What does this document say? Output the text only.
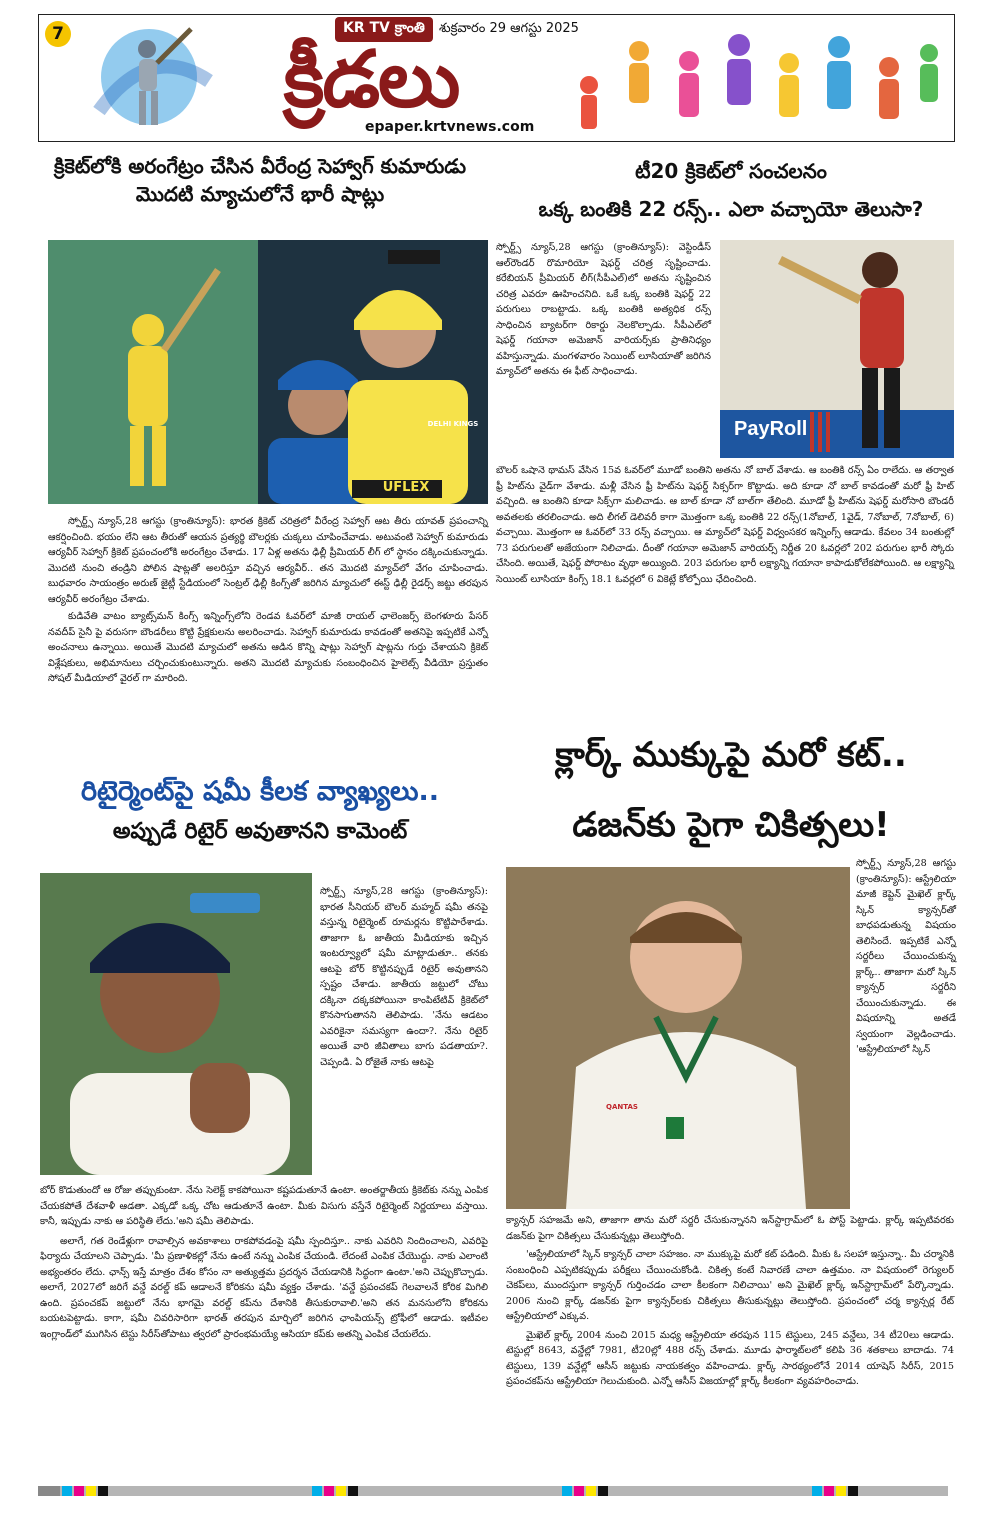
7	KR TV క్రాంతి	శుక్రవారం 29 ఆగస్టు 2025
క్రీడలు
epaper.krtvnews.com
క్రికెట్‌లోకి అరంగేట్రం చేసిన వీరేంద్ర సెహ్వాగ్ కుమారుడు
మొదటి మ్యాచులోనే భారీ షాట్లు
టీ20 క్రికెట్‌లో సంచలనం
ఒక్క బంతికి 22 రన్స్.. ఎలా వచ్చాయో తెలుసా?
UFLEX
DELHI KINGS

స్పోర్ట్స్ న్యూస్,28 ఆగస్టు (క్రాంతిన్యూస్): భారత క్రికెట్ చరిత్రలో వీరేంద్ర సెహ్వాగ్ ఆట తీరు యావత్ ప్రపంచాన్ని ఆకర్షించింది. భయం లేని ఆట తీరుతో ఆయన ప్రత్యర్థి బౌలర్లకు చుక్కలు చూపించేవాడు. అటువంటి సెహ్వాగ్ కుమారుడు ఆర్యవీర్ సెహ్వాగ్ క్రికెట్ ప్రపంచంలోకి అరంగేట్రం చేశాడు. 17 ఏళ్ల అతను ఢిల్లీ ప్రీమియర్ లీగ్ లో స్థానం దక్కించుకున్నాడు. మొదటి నుంచి తండ్రిని పోలిన షాట్లతో అలరిస్తూ వచ్చిన ఆర్యవీర్.. తన మొదటి మ్యాచ్‌లో వేగం చూపించాడు. బుధవారం సాయంత్రం అరుణ్ జైట్లీ స్టేడియంలో సెంట్రల్ ఢిల్లీ కింగ్స్‌తో జరిగిన మ్యాచులో ఈస్ట్ ఢిల్లీ రైడర్స్ జట్టు తరపున ఆర్యవీర్ అరంగేట్రం చేశాడు.

కుడివేతి వాటం బ్యాట్స్‌మన్ కింగ్స్ ఇన్నింగ్స్‌లోని రెండవ ఓవర్‌లో మాజీ రాయల్ ఛాలెంజర్స్ బెంగళూరు పేసర్ నవదీప్ సైనీ పై వరుసగా బౌండరీలు కొట్టి ప్రేక్షకులను అలరించాడు. సెహ్వాగ్ కుమారుడు కావడంతో అతనిపై ఇప్పటికే ఎన్నో అంచనాలు ఉన్నాయి. అయితే మొదటి మ్యాచులో అతను ఆడిన కొన్ని షాట్లు సెహ్వాగ్ షాట్లను గుర్తు చేశాయని క్రికెట్ విశ్లేషకులు, అభిమానులు చర్చించుకుంటున్నారు. అతని మొదటి మ్యాచుకు సంబంధించిన హైలెట్స్ వీడియో ప్రస్తుతం సోషల్ మీడియాలో వైరల్ గా మారింది.

స్పోర్ట్స్ న్యూస్,28 ఆగస్టు (క్రాంతిన్యూస్): వెస్టిండీస్ ఆల్‌రౌండర్ రొమారియో షెఫర్డ్ చరిత్ర సృష్టించాడు. కరేబియన్ ప్రీమియర్ లీగ్(సీపీఎల్)లో అతను సృష్టించిన చరిత్ర ఎవరూ ఊహించనిది. ఒకే ఒక్క బంతికి షెఫర్డ్ 22 పరుగులు రాబట్టాడు. ఒక్క బంతికి అత్యధిక రన్స్ సాధించిన బ్యాటర్‌గా రికార్డు నెలకొల్పాడు. సీపీఎల్‌లో షెఫర్డ్ గయానా అమెజాన్ వారియర్స్‌కు ప్రాతినిధ్యం వహిస్తున్నాడు. మంగళవారం సెయింట్ లూసియాతో జరిగిన మ్యాచ్‌లో అతను ఈ ఫీట్ సాధించాడు.
PayRoll
బౌలర్ ఒషానె థామస్ వేసిన 15వ ఓవర్‌లో మూడో బంతిని అతను నో బాల్ వేశాడు. ఆ బంతికి రన్స్ ఏం రాలేదు. ఆ తర్వాత ఫ్రీ హిట్‌ను వైడ్‌గా వేశాడు. మళ్లీ వేసిన ఫ్రీ హిట్‌ను షెఫర్డ్ సిక్సర్‌గా కొట్టాడు. అది కూడా నో బాల్ కావడంతో మరో ఫ్రీ హిట్ వచ్చింది. ఆ బంతిని కూడా సిక్స్‌గా మలిచాడు. ఆ బాల్ కూడా నో బాల్‌గా తేలింది. మూడో ఫ్రీ హిట్‌ను షెఫర్డ్ మరోసారి బౌండరీ అవతలకు తరలించాడు. అది లీగల్ డెలివరీ కాగా మొత్తంగా ఒక్క బంతికి 22 రన్స్(1నోబాల్, 1వైడ్, 7నోబాల్, 7నోబాల్, 6) వచ్చాయి. మొత్తంగా ఆ ఓవర్‌లో 33 రన్స్ వచ్చాయి. ఆ మ్యాచ్‌లో షెఫర్డ్ విధ్వంసకర ఇన్నింగ్స్ ఆడాడు. కేవలం 34 బంతుల్లో 73 పరుగులతో అజేయంగా నిలిచాడు. దీంతో గయానా అమెజాన్ వారియర్స్ నిర్ణీత 20 ఓవర్లలో 202 పరుగుల భారీ స్కోరు చేసింది. అయితే, షెఫర్డ్ పోరాటం వృథా అయ్యింది. 203 పరుగుల భారీ లక్ష్యాన్ని గయానా కాపాడుకోలేకపోయింది. ఆ లక్ష్యాన్ని సెయింట్ లూసియా కింగ్స్ 18.1 ఓవర్లలో 6 వికెట్లే కోల్పోయి ఛేదించింది.
రిటైర్మెంట్‌పై షమీ కీలక వ్యాఖ్యలు..
అప్పుడే రిటైర్ అవుతానని కామెంట్
క్లార్క్ ముక్కుపై మరో కట్..
డజన్‌కు పైగా చికిత్సలు!
స్పోర్ట్స్ న్యూస్,28 ఆగస్టు (క్రాంతిన్యూస్): భారత సీనియర్ బౌలర్ మహ్మద్ షమీ తనపై వస్తున్న రిటైర్మెంట్ రూమర్లను కొట్టిపారేశాడు. తాజాగా ఓ జాతీయ మీడియాకు ఇచ్చిన ఇంటర్వ్యూలో షమీ మాట్లాడుతూ.. తనకు ఆటపై బోర్ కొట్టినప్పుడే రిటైర్ అవుతానని స్పష్టం చేశాడు. జాతీయ జట్టులో చోటు దక్కినా దక్కకపోయినా కాంపిటేటివ్ క్రికెట్‌లో కొనసాగుతానని తెలిపాడు. 'నేను ఆడటం ఎవరికైనా సమస్యగా ఉందా?. నేను రిటైర్ అయితే వారి జీవితాలు బాగు పడతాయా?. చెప్పండి. ఏ రోజైతే నాకు ఆటపై

బోర్ కొడుతుందో ఆ రోజు తప్పుకుంటా. నేను సెలెక్ట్ కాకపోయినా కష్టపడుతూనే ఉంటా. అంతర్జాతీయ క్రికెట్‌కు నన్ను ఎంపిక చేయకపోతే దేశవాళీ ఆడతా. ఎక్కడో ఒక్క చోట ఆడుతూనే ఉంటా. మీకు విసుగు వస్తేనే రిటైర్మెంట్ నిర్ణయాలు వస్తాయి. కానీ, ఇప్పుడు నాకు ఆ పరిస్థితి లేదు.'అని షమీ తెలిపాడు.

అలాగే, గత రెండేళ్లుగా రావాల్సిన అవకాశాలు రాకపోవడంపై షమీ స్పందిస్తూ.. నాకు ఎవరిని నిందించాలని, ఎవరిపై ఫిర్యాదు చేయాలని చెప్పాడు. 'మీ ప్రణాళికల్లో నేను ఉంటే నన్ను ఎంపిక చేయండి. లేదంటే ఎంపిక చేయొద్దు. నాకు ఎలాంటి అభ్యంతరం లేదు. ఛాన్స్ ఇస్తే మాత్రం దేశం కోసం నా అత్యుత్తమ ప్రదర్శన చేయడానికి సిద్ధంగా ఉంటా.'అని చెప్పుకొచ్చాడు. అలాగే, 2027లో జరిగే వన్డే వరల్డ్ కప్ ఆడాలనే కోరికను షమీ వ్యక్తం చేశాడు. 'వన్డే ప్రపంచకప్ గెలవాలనే కోరిక మిగిలి ఉంది. ప్రపంచకప్ జట్టులో నేను భాగమై వరల్డ్ కప్‌ను దేశానికి తీసుకురావాలి.'అని తన మనసులోని కోరికను బయటపెట్టాడు. కాగా, షమీ చివరిసారిగా భారత్ తరపున మార్చిలో జరిగిన ఛాంపియన్స్ ట్రోఫీలో ఆడాడు. ఇటీవల ఇంగ్లాండ్‌లో ముగిసిన టెస్టు సిరీస్‌తోపాటు త్వరలో ప్రారంభమయ్యే ఆసియా కప్‌కు అతన్ని ఎంపిక చేయలేదు.

QANTAS
స్పోర్ట్స్ న్యూస్,28 ఆగస్టు (క్రాంతిన్యూస్): ఆస్ట్రేలియా మాజీ కెప్టెన్ మైఖెల్ క్లార్క్ స్కిన్ క్యాన్సర్‌తో బాధపడుతున్న విషయం తెలిసిందే. ఇప్పటికే ఎన్నో సర్జరీలు చేయించుకున్న క్లార్క్.. తాజాగా మరో స్కిన్ క్యాన్సర్ సర్జరీని చేయించుకున్నాడు. ఈ విషయాన్ని అతడే స్వయంగా వెల్లడించాడు. 'ఆస్ట్రేలియాలో స్కిన్

క్యాన్సర్ సహజమే అని, తాజాగా తాను మరో సర్జరీ చేసుకున్నానని ఇన్‌స్టాగ్రామ్‌లో ఓ పోస్ట్ పెట్టాడు. క్లార్క్ ఇప్పటివరకు డజన్‌కు పైగా చికిత్సలు చేసుకున్నట్లు తెలుస్తోంది.

'ఆస్ట్రేలియాలో స్కిన్ క్యాన్సర్ చాలా సహజం. నా ముక్కుపై మరో కట్ పడింది. మీకు ఓ సలహా ఇస్తున్నా.. మీ చర్మానికి సంబంధించి ఎప్పటికప్పుడు పరీక్షలు చేయించుకోండి. చికిత్స కంటే నివారణే చాలా ఉత్తమం. నా విషయంలో రెగ్యులర్ చెకప్‌లు, ముందస్తుగా క్యాన్సర్ గుర్తించడం చాలా కీలకంగా నిలిచాయి' అని మైఖెల్ క్లార్క్ ఇన్‌స్టాగ్రామ్‌లో పేర్కొన్నాడు. 2006 నుంచి క్లార్క్ డజన్‌కు పైగా క్యాన్సర్‌లకు చికిత్సలు తీసుకున్నట్లు తెలుస్తోంది. ప్రపంచంలో చర్మ క్యాన్సర్ల రేట్ ఆస్ట్రేలియాలో ఎక్కువ.

మైఖెల్ క్లార్క్ 2004 నుంచి 2015 మధ్య ఆస్ట్రేలియా తరపున 115 టెస్టులు, 245 వన్డేలు, 34 టీ20లు ఆడాడు. టెస్టుల్లో 8643, వన్డేల్లో 7981, టీ20ల్లో 488 రన్స్ చేశాడు. మూడు ఫార్మాట్‌లలో కలిపి 36 శతకాలు బాదాడు. 74 టెస్టులు, 139 వన్డేల్లో ఆసీస్ జట్టుకు నాయకత్వం వహించాడు. క్లార్క్ సారథ్యంలోనే 2014 యాషెస్ సిరీస్, 2015 ప్రపంచకప్‌ను ఆస్ట్రేలియా గెలుచుకుంది. ఎన్నో ఆసీస్ విజయాల్లో క్లార్క్ కీలకంగా వ్యవహరించాడు.
